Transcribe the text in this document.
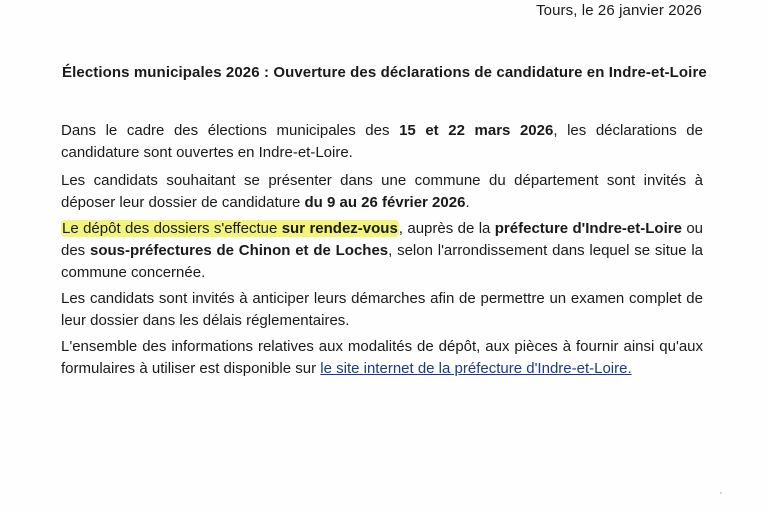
Tours, le 26 janvier 2026
Élections municipales 2026 : Ouverture des déclarations de candidature en Indre-et-Loire

Dans le cadre des élections municipales des 15 et 22 mars 2026, les déclarations de candidature sont ouvertes en Indre-et-Loire.

Les candidats souhaitant se présenter dans une commune du département sont invités à déposer leur dossier de candidature du 9 au 26 février 2026.

Le dépôt des dossiers s'effectue sur rendez-vous, auprès de la préfecture d'Indre-et-Loire ou des sous-préfectures de Chinon et de Loches, selon l'arrondissement dans lequel se situe la commune concernée.

Les candidats sont invités à anticiper leurs démarches afin de permettre un examen complet de leur dossier dans les délais réglementaires.

L'ensemble des informations relatives aux modalités de dépôt, aux pièces à fournir ainsi qu'aux formulaires à utiliser est disponible sur le site internet de la préfecture d'Indre-et-Loire.
